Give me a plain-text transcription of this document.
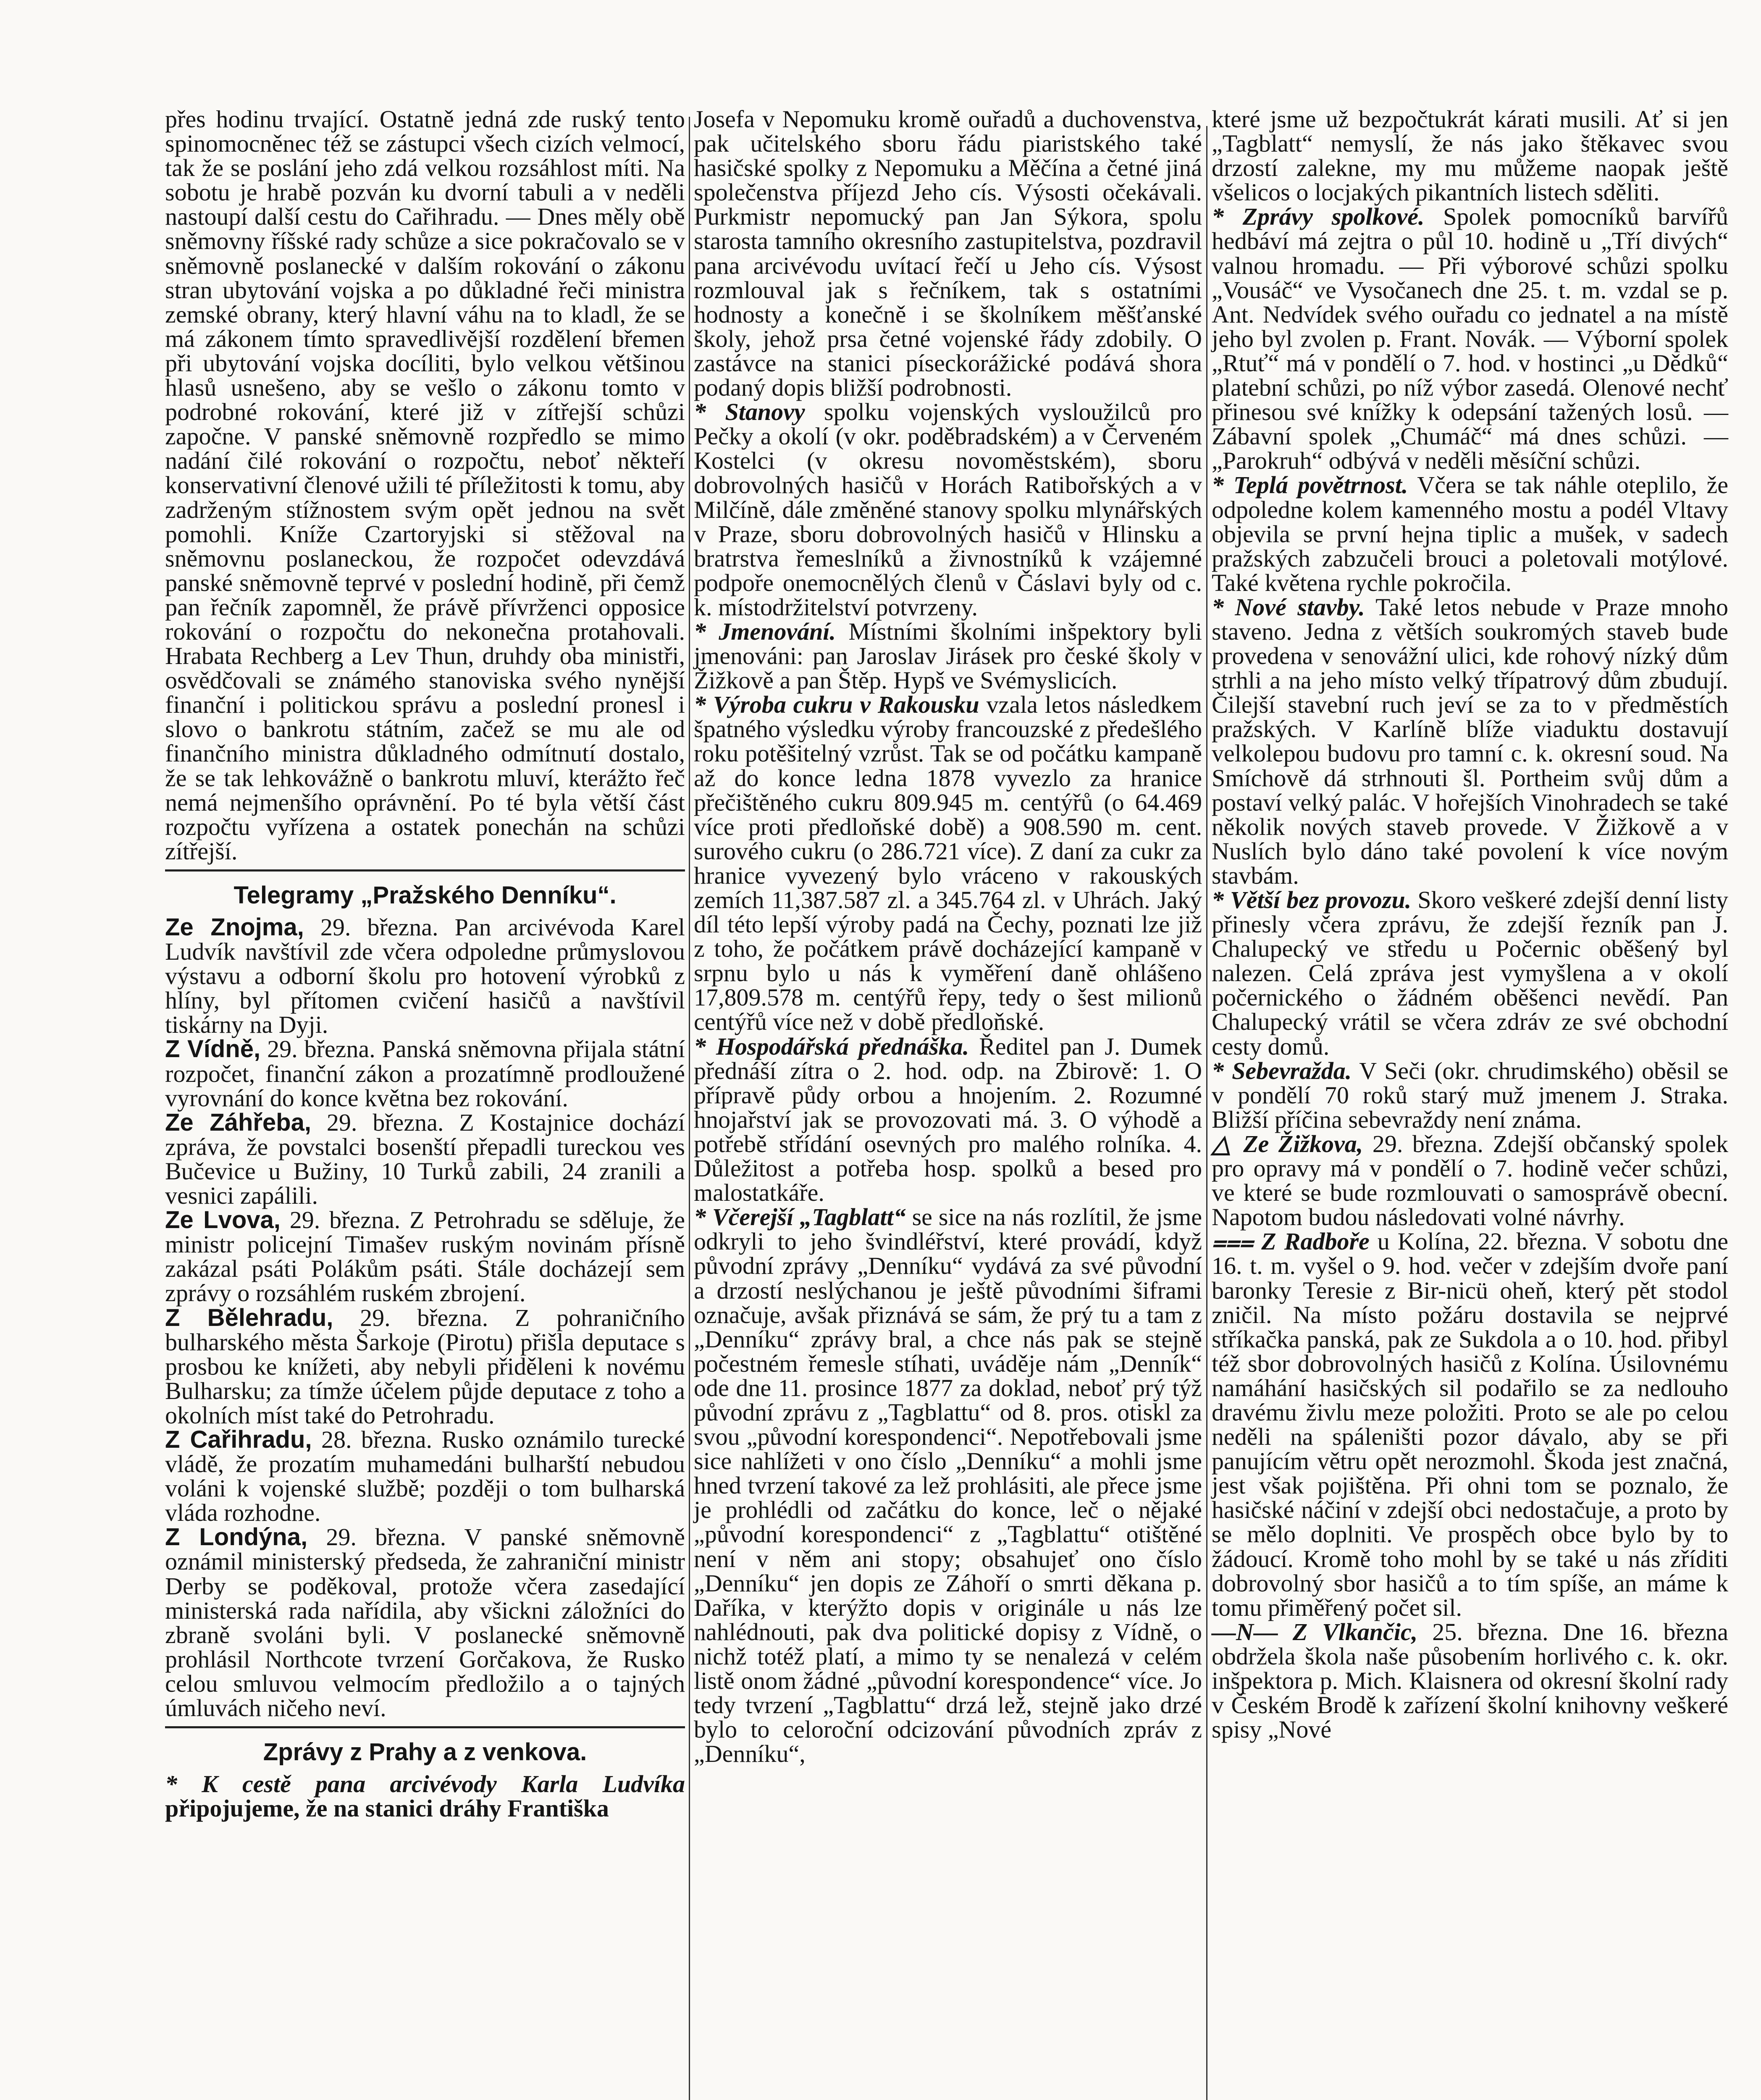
přes hodinu trvající. Ostatně jedná zde ruský tento spinomocněnec též se zástupci všech cizích velmocí, tak že se poslání jeho zdá velkou rozsáhlost míti. Na sobotu je hrabě pozván ku dvorní tabuli a v neděli nastoupí další cestu do Cařihradu. — Dnes měly obě sněmovny říšské rady schůze a sice pokračovalo se v sněmovně poslanecké v dalším rokování o zákonu stran ubytování vojska a po důkladné řeči ministra zemské obrany, který hlavní váhu na to kladl, že se má zákonem tímto spravedlivější rozdělení břemen při ubytování vojska docíliti, bylo velkou většinou hlasů usnešeno, aby se vešlo o zákonu tomto v podrobné rokování, které již v zítřejší schůzi započne. V panské sněmovně rozpředlo se mimo nadání čilé rokování o rozpočtu, neboť někteří konservativní členové užili té příležitosti k tomu, aby zadrženým stížnostem svým opět jednou na svět pomohli. Kníže Czartoryjski si stěžoval na sněmovnu poslaneckou, že rozpočet odevzdává panské sněmovně teprvé v poslední hodině, při čemž pan řečník zapomněl, že právě přívrženci opposice rokování o rozpočtu do nekonečna protahovali. Hrabata Rechberg a Lev Thun, druhdy oba ministři, osvědčovali se známého stanoviska svého nynější finanční i politickou správu a poslední pronesl i slovo o bankrotu státním, začež se mu ale od finančního ministra důkladného odmítnutí dostalo, že se tak lehkovážně o bankrotu mluví, kterážto řeč nemá nejmenšího oprávnění. Po té byla větší část rozpočtu vyřízena a ostatek ponechán na schůzi zítřejší.

Telegramy „Pražského Denníku“.

Ze Znojma, 29. března. Pan arcivévoda Karel Ludvík navštívil zde včera odpoledne průmyslovou výstavu a odborní školu pro hotovení výrobků z hlíny, byl přítomen cvičení hasičů a navštívil tiskárny na Dyji.

Z Vídně, 29. března. Panská sněmovna přijala státní rozpočet, finanční zákon a prozatímně prodloužené vyrovnání do konce května bez rokování.

Ze Záhřeba, 29. března. Z Kostajnice dochází zpráva, že povstalci bosenští přepadli tureckou ves Bučevice u Bužiny, 10 Turků zabili, 24 zranili a vesnici zapálili.

Ze Lvova, 29. března. Z Petrohradu se sděluje, že ministr policejní Timašev ruským novinám přísně zakázal psáti Polákům psáti. Stále docházejí sem zprávy o rozsáhlém ruském zbrojení.

Z Bělehradu, 29. března. Z pohraničního bulharského města Šarkoje (Pirotu) přišla deputace s prosbou ke knížeti, aby nebyli přiděleni k novému Bulharsku; za tímže účelem půjde deputace z toho a okolních míst také do Petrohradu.

Z Cařihradu, 28. března. Rusko oznámilo turecké vládě, že prozatím muhamedáni bulharští nebudou voláni k vojenské službě; později o tom bulharská vláda rozhodne.

Z Londýna, 29. března. V panské sněmovně oznámil ministerský předseda, že zahraniční ministr Derby se poděkoval, protože včera zasedající ministerská rada nařídila, aby všickni záložníci do zbraně svoláni byli. V poslanecké sněmovně prohlásil Northcote tvrzení Gorčakova, že Rusko celou smluvou velmocím předložilo a o tajných úmluvách ničeho neví.

Zprávy z Prahy a z venkova.

* K cestě pana arcivévody Karla Ludvíka připojujeme, že na stanici dráhy Františka

Josefa v Nepomuku kromě ouřadů a duchovenstva, pak učitelského sboru řádu piaristského také hasičské spolky z Nepomuku a Měčína a četné jiná společenstva příjezd Jeho cís. Výsosti očekávali. Purkmistr nepomucký pan Jan Sýkora, spolu starosta tamního okresního zastupitelstva, pozdravil pana arcivévodu uvítací řečí u Jeho cís. Výsost rozmlouval jak s řečníkem, tak s ostatními hodnosty a konečně i se školníkem měšťanské školy, jehož prsa četné vojenské řády zdobily. O zastávce na stanici píseckorážické podává shora podaný dopis bližší podrobnosti.

* Stanovy spolku vojenských vysloužilců pro Pečky a okolí (v okr. poděbradském) a v Červeném Kostelci (v okresu novoměstském), sboru dobrovolných hasičů v Horách Ratibořských a v Milčíně, dále změněné stanovy spolku mlynářských v Praze, sboru dobrovolných hasičů v Hlinsku a bratrstva řemeslníků a živnostníků k vzájemné podpoře onemocnělých členů v Čáslavi byly od c. k. místodržitelství potvrzeny.

* Jmenování. Místními školními inšpektory byli jmenováni: pan Jaroslav Jirásek pro české školy v Žižkově a pan Štěp. Hypš ve Svémyslicích.

* Výroba cukru v Rakousku vzala letos následkem špatného výsledku výroby francouzské z předešlého roku potěšitelný vzrůst. Tak se od počátku kampaně až do konce ledna 1878 vyvezlo za hranice přečištěného cukru 809.945 m. centýřů (o 64.469 více proti předloňské době) a 908.590 m. cent. surového cukru (o 286.721 více). Z daní za cukr za hranice vyvezený bylo vráceno v rakouských zemích 11,387.587 zl. a 345.764 zl. v Uhrách. Jaký díl této lepší výroby padá na Čechy, poznati lze již z toho, že počátkem právě docházející kampaně v srpnu bylo u nás k vyměření daně ohlášeno 17,809.578 m. centýřů řepy, tedy o šest milionů centýřů více než v době předloňské.

* Hospodářská přednáška. Ředitel pan J. Dumek přednáší zítra o 2. hod. odp. na Zbirově: 1. O přípravě půdy orbou a hnojením. 2. Rozumné hnojařství jak se provozovati má. 3. O výhodě a potřebě střídání osevných pro malého rolníka. 4. Důležitost a potřeba hosp. spolků a besed pro malostatkáře.

* Včerejší „Tagblatt“ se sice na nás rozlítil, že jsme odkryli to jeho švindléřství, které provádí, když původní zprávy „Denníku“ vydává za své původní a drzostí neslýchanou je ještě původními šiframi označuje, avšak přiznává se sám, že prý tu a tam z „Denníku“ zprávy bral, a chce nás pak se stejně počestném řemesle stíhati, uváděje nám „Denník“ ode dne 11. prosince 1877 za doklad, neboť prý týž původní zprávu z „Tagblattu“ od 8. pros. otiskl za svou „původní korespondenci“. Nepotřebovali jsme sice nahlížeti v ono číslo „Denníku“ a mohli jsme hned tvrzení takové za lež prohlásiti, ale přece jsme je prohlédli od začátku do konce, leč o nějaké „původní korespondenci“ z „Tagblattu“ otištěné není v něm ani stopy; obsahujeť ono číslo „Denníku“ jen dopis ze Záhoří o smrti děkana p. Daříka, v kterýžto dopis v originále u nás lze nahlédnouti, pak dva politické dopisy z Vídně, o nichž totéž platí, a mimo ty se nenalezá v celém listě onom žádné „původní korespondence“ více. Jo tedy tvrzení „Tagblattu“ drzá lež, stejně jako drzé bylo to celoroční odcizování původních zpráv z „Denníku“,

které jsme už bezpočtukrát kárati musili. Ať si jen „Tagblatt“ nemyslí, že nás jako štěkavec svou drzostí zalekne, my mu můžeme naopak ještě všelicos o locjakých pikantních listech sděliti.

* Zprávy spolkové. Spolek pomocníků barvířů hedbáví má zejtra o půl 10. hodině u „Tří divých“ valnou hromadu. — Při výborové schůzi spolku „Vousáč“ ve Vysočanech dne 25. t. m. vzdal se p. Ant. Nedvídek svého ouřadu co jednatel a na místě jeho byl zvolen p. Frant. Novák. — Výborní spolek „Rtuť“ má v pondělí o 7. hod. v hostinci „u Dědků“ platební schůzi, po níž výbor zasedá. Olenové nechť přinesou své knížky k odepsání tažených losů. — Zábavní spolek „Chumáč“ má dnes schůzi. — „Parokruh“ odbývá v neděli měsíční schůzi.

* Teplá povětrnost. Včera se tak náhle oteplilo, že odpoledne kolem kamenného mostu a podél Vltavy objevila se první hejna tiplic a mušek, v sadech pražských zabzučeli brouci a poletovali motýlové. Také květena rychle pokročila.

* Nové stavby. Také letos nebude v Praze mnoho staveno. Jedna z větších soukromých staveb bude provedena v senovážní ulici, kde rohový nízký dům strhli a na jeho místo velký třípatrový dům zbudují. Čilejší stavební ruch jeví se za to v předměstích pražských. V Karlíně blíže viaduktu dostavují velkolepou budovu pro tamní c. k. okresní soud. Na Smíchově dá strhnouti šl. Portheim svůj dům a postaví velký palác. V hořejších Vinohradech se také několik nových staveb provede. V Žižkově a v Nuslích bylo dáno také povolení k více novým stavbám.

* Větší bez provozu. Skoro veškeré zdejší denní listy přinesly včera zprávu, že zdejší řezník pan J. Chalupecký ve středu u Počernic oběšený byl nalezen. Celá zpráva jest vymyšlena a v okolí počernického o žádném oběšenci nevědí. Pan Chalupecký vrátil se včera zdráv ze své obchodní cesty domů.

* Sebevražda. V Seči (okr. chrudimského) oběsil se v pondělí 70 roků starý muž jmenem J. Straka. Bližší příčina sebevraždy není známa.

△ Ze Žižkova, 29. března. Zdejší občanský spolek pro opravy má v pondělí o 7. hodině večer schůzi, ve které se bude rozmlouvati o samosprávě obecní. Napotom budou následovati volné návrhy.

⩶ Z Radboře u Kolína, 22. března. V sobotu dne 16. t. m. vyšel o 9. hod. večer v zdejším dvoře paní baronky Teresie z Bir-nicü oheň, který pět stodol zničil. Na místo požáru dostavila se nejprvé stříkačka panská, pak ze Sukdola a o 10. hod. přibyl též sbor dobrovolných hasičů z Kolína. Úsilovnému namáhání hasičských sil podařilo se za nedlouho dravému živlu meze položiti. Proto se ale po celou neděli na spáleništi pozor dávalo, aby se při panujícím větru opět nerozmohl. Škoda jest značná, jest však pojištěna. Při ohni tom se poznalo, že hasičské náčiní v zdejší obci nedostačuje, a proto by se mělo doplniti. Ve prospěch obce bylo by to žádoucí. Kromě toho mohl by se také u nás zříditi dobrovolný sbor hasičů a to tím spíše, an máme k tomu přiměřený počet sil.

—N— Z Vlkančic, 25. března. Dne 16. března obdržela škola naše působením horlivého c. k. okr. inšpektora p. Mich. Klaisnera od okresní školní rady v Českém Brodě k zařízení školní knihovny veškeré spisy „Nové
